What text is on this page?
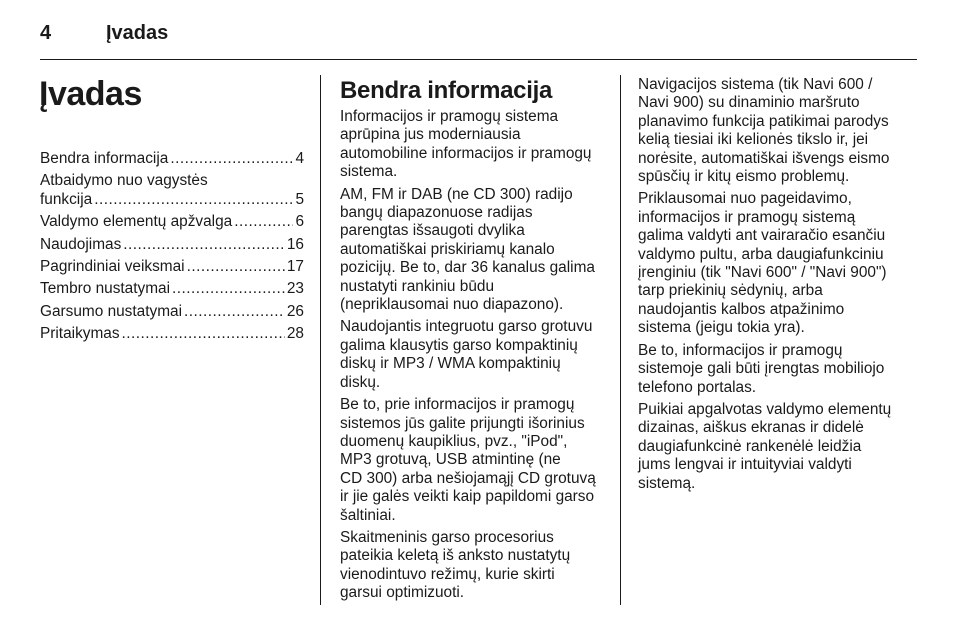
4	Įvadas
Įvadas
Bendra informacija . . .	4
Atbaidymo nuo vagystės
funkcija . . .	5
Valdymo elementų apžvalga . . .	6
Naudojimas . . .	16
Pagrindiniai veiksmai . . .	17
Tembro nustatymai . . .	23
Garsumo nustatymai . . .	26
Pritaikymas . . .	28
Bendra informacija
Informacijos ir pramogų sistema
aprūpina jus moderniausia
automobiline informacijos ir pramogų
sistema.
AM, FM ir DAB (ne CD 300) radijo
bangų diapazonuose radijas
parengtas išsaugoti dvylika
automatiškai priskiriamų kanalo
pozicijų. Be to, dar 36 kanalus galima
nustatyti rankiniu būdu
(nepriklausomai nuo diapazono).
Naudojantis integruotu garso grotuvu
galima klausytis garso kompaktinių
diskų ir MP3 / WMA kompaktinių
diskų.
Be to, prie informacijos ir pramogų
sistemos jūs galite prijungti išorinius
duomenų kaupiklius, pvz., "iPod",
MP3 grotuvą, USB atmintinę (ne
CD 300) arba nešiojamąjį CD grotuvą
ir jie galės veikti kaip papildomi garso
šaltiniai.
Skaitmeninis garso procesorius
pateikia keletą iš anksto nustatytų
vienodintuvo režimų, kurie skirti
garsui optimizuoti.
Navigacijos sistema (tik Navi 600 /
Navi 900) su dinaminio maršruto
planavimo funkcija patikimai parodys
kelią tiesiai iki kelionės tikslo ir, jei
norėsite, automatiškai išvengs eismo
spūsčių ir kitų eismo problemų.
Priklausomai nuo pageidavimo,
informacijos ir pramogų sistemą
galima valdyti ant vairaračio esančiu
valdymo pultu, arba daugiafunkciniu
įrenginiu (tik "Navi 600" / "Navi 900")
tarp priekinių sėdynių, arba
naudojantis kalbos atpažinimo
sistema (jeigu tokia yra).
Be to, informacijos ir pramogų
sistemoje gali būti įrengtas mobiliojo
telefono portalas.
Puikiai apgalvotas valdymo elementų
dizainas, aiškus ekranas ir didelė
daugiafunkcinė rankenėlė leidžia
jums lengvai ir intuityviai valdyti
sistemą.
